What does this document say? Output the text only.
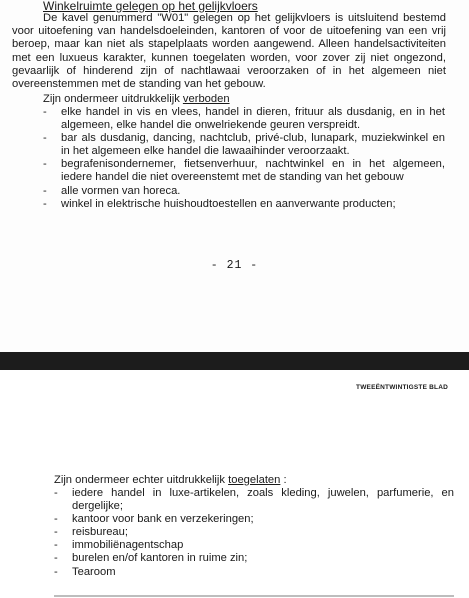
Winkelruimte gelegen op het gelijkvloers
De kavel genummerd "W01" gelegen op het gelijkvloers is uitsluitend bestemd voor uitoefening van handelsdoeleinden, kantoren of voor de uitoefening van een vrij beroep, maar kan niet als stapelplaats worden aangewend. Alleen handelsactiviteiten met een luxueus karakter, kunnen toegelaten worden, voor zover zij niet ongezond, gevaarlijk of hinderend zijn of nachtlawaai veroorzaken of in het algemeen niet overeenstemmen met de standing van het gebouw.
Zijn ondermeer uitdrukkelijk verboden
- elke handel in vis en vlees, handel in dieren, frituur als dusdanig, en in het algemeen, elke handel die onwelriekende geuren verspreidt.
- bar als dusdanig, dancing, nachtclub, privé-club, lunapark, muziekwinkel en in het algemeen elke handel die lawaaihinder veroorzaakt.
- begrafenisondernemer, fietsenverhuur, nachtwinkel en in het algemeen, iedere handel die niet overeenstemt met de standing van het gebouw
- alle vormen van horeca.
- winkel in elektrische huishoudtoestellen en aanverwante producten;
- 21 -
TWEEËNTWINTIGSTE BLAD
Zijn ondermeer echter uitdrukkelijk toegelaten :
- iedere handel in luxe-artikelen, zoals kleding, juwelen, parfumerie, en dergelijke;
- kantoor voor bank en verzekeringen;
- reisbureau;
- immobiliënagentschap
- burelen en/of kantoren in ruime zin;
- Tearoom
